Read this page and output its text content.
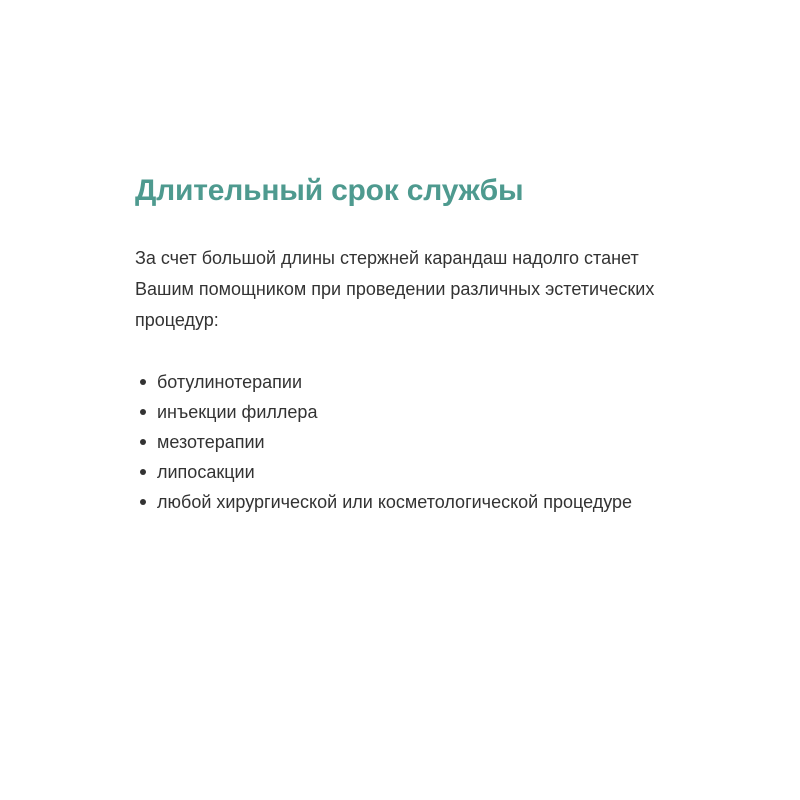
Длительный срок службы

За счет большой длины стержней карандаш надолго станет
Вашим помощником при проведении различных эстетических
процедур:

ботулинотерапии
инъекции филлера
мезотерапии
липосакции
любой хирургической или косметологической процедуре
